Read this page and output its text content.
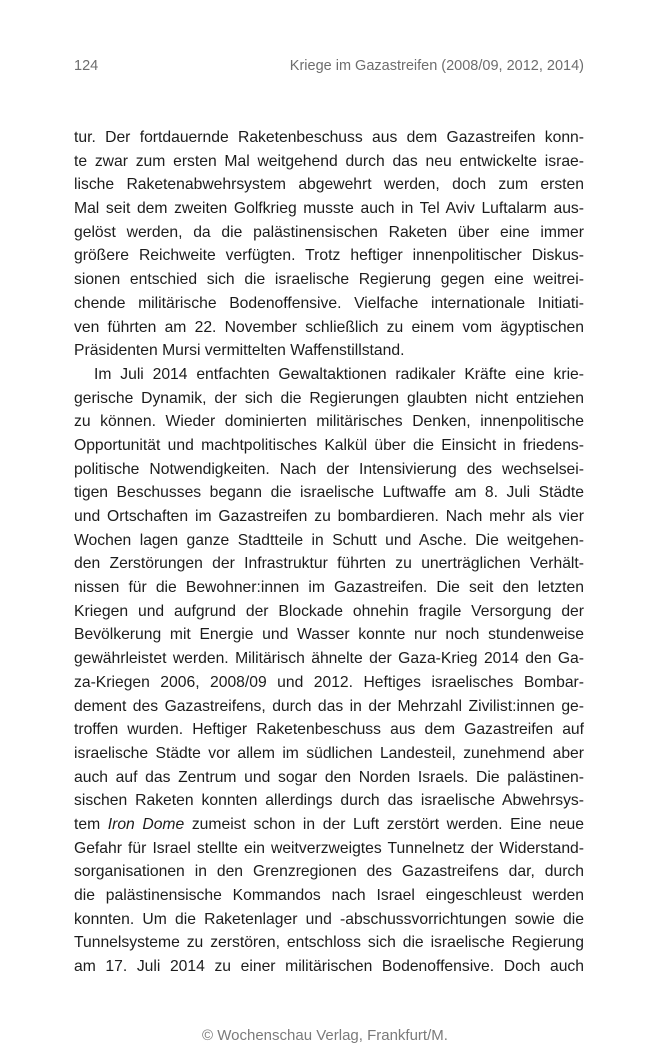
124	Kriege im Gazastreifen (2008/09, 2012, 2014)
tur. Der fortdauernde Raketenbeschuss aus dem Gazastreifen konn-
te zwar zum ersten Mal weitgehend durch das neu entwickelte israe-
lische Raketenabwehrsystem abgewehrt werden, doch zum ersten
Mal seit dem zweiten Golfkrieg musste auch in Tel Aviv Luftalarm aus-
gelöst werden, da die palästinensischen Raketen über eine immer
größere Reichweite verfügten. Trotz heftiger innenpolitischer Diskus-
sionen entschied sich die israelische Regierung gegen eine weitrei-
chende militärische Bodenoffensive. Vielfache internationale Initiati-
ven führten am 22. November schließlich zu einem vom ägyptischen
Präsidenten Mursi vermittelten Waffenstillstand.
Im Juli 2014 entfachten Gewaltaktionen radikaler Kräfte eine krie-
gerische Dynamik, der sich die Regierungen glaubten nicht entziehen
zu können. Wieder dominierten militärisches Denken, innenpolitische
Opportunität und machtpolitisches Kalkül über die Einsicht in friedens-
politische Notwendigkeiten. Nach der Intensivierung des wechselsei-
tigen Beschusses begann die israelische Luftwaffe am 8. Juli Städte
und Ortschaften im Gazastreifen zu bombardieren. Nach mehr als vier
Wochen lagen ganze Stadtteile in Schutt und Asche. Die weitgehen-
den Zerstörungen der Infrastruktur führten zu unerträglichen Verhält-
nissen für die Bewohner:innen im Gazastreifen. Die seit den letzten
Kriegen und aufgrund der Blockade ohnehin fragile Versorgung der
Bevölkerung mit Energie und Wasser konnte nur noch stundenweise
gewährleistet werden. Militärisch ähnelte der Gaza-Krieg 2014 den Ga-
za-Kriegen 2006, 2008/09 und 2012. Heftiges israelisches Bombar-
dement des Gazastreifens, durch das in der Mehrzahl Zivilist:innen ge-
troffen wurden. Heftiger Raketenbeschuss aus dem Gazastreifen auf
israelische Städte vor allem im südlichen Landesteil, zunehmend aber
auch auf das Zentrum und sogar den Norden Israels. Die palästinen-
sischen Raketen konnten allerdings durch das israelische Abwehrsys-
tem Iron Dome zumeist schon in der Luft zerstört werden. Eine neue
Gefahr für Israel stellte ein weitverzweigtes Tunnelnetz der Widerstand-
sorganisationen in den Grenzregionen des Gazastreifens dar, durch
die palästinensische Kommandos nach Israel eingeschleust werden
konnten. Um die Raketenlager und -abschussvorrichtungen sowie die
Tunnelsysteme zu zerstören, entschloss sich die israelische Regierung
am 17. Juli 2014 zu einer militärischen Bodenoffensive. Doch auch
© Wochenschau Verlag, Frankfurt/M.
